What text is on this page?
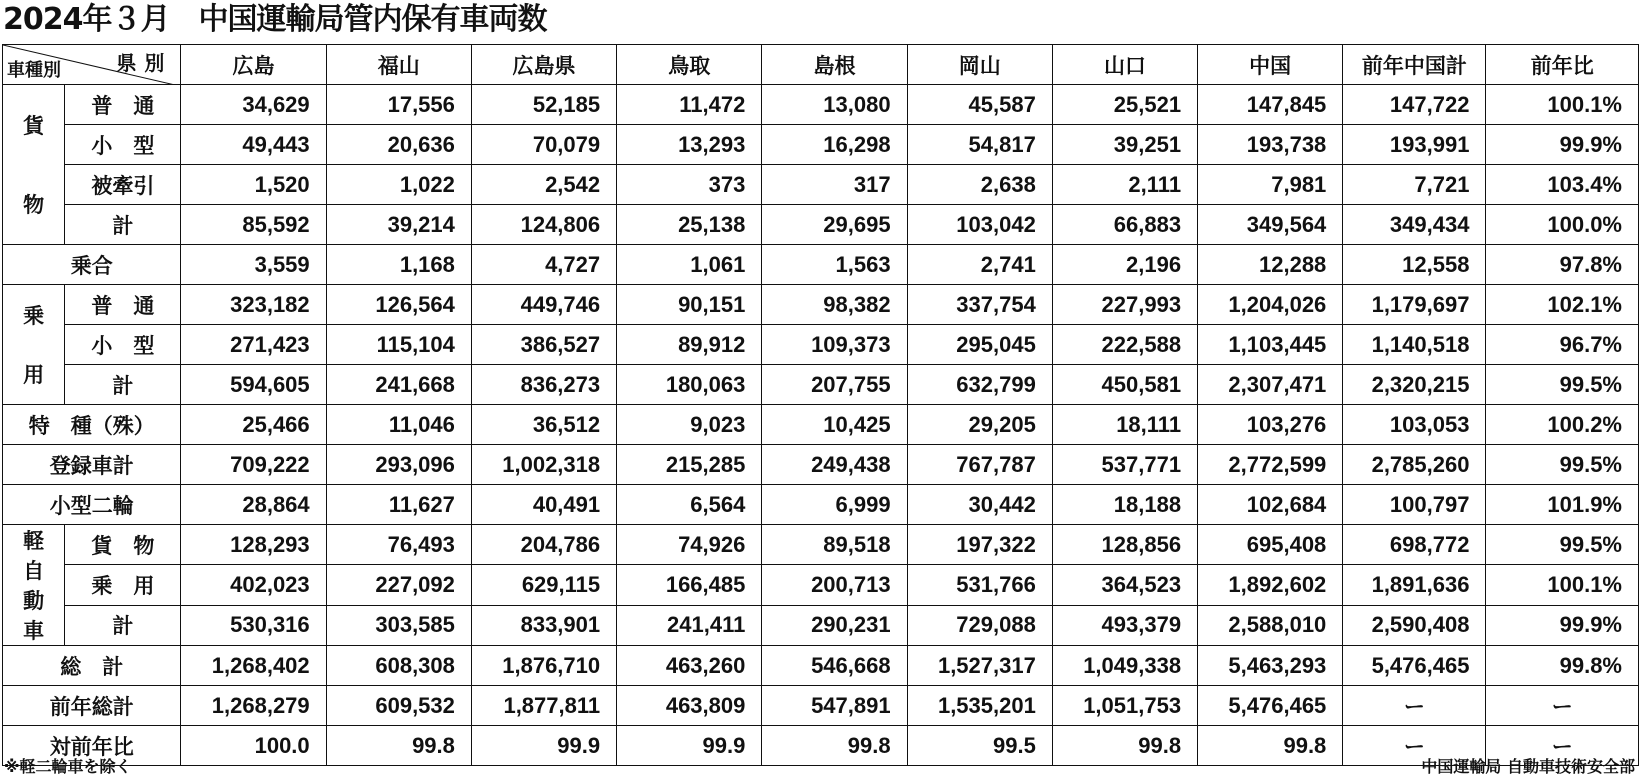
2024年３月　中国運輸局管内保有車両数
県別
車種別		広島	福山	広島県	鳥取	島根	岡山	山口	中国	前年中国計	前年比

貨
物	普　通	34,629	17,556	52,185	11,472	13,080	45,587	25,521	147,845	147,722	100.1%
	小　型	49,443	20,636	70,079	13,293	16,298	54,817	39,251	193,738	193,991	99.9%
	被牽引	1,520	1,022	2,542	373	317	2,638	2,111	7,981	7,721	103.4%
	計	85,592	39,214	124,806	25,138	29,695	103,042	66,883	349,564	349,434	100.0%
乗合		3,559	1,168	4,727	1,061	1,563	2,741	2,196	12,288	12,558	97.8%

乗
用	普　通	323,182	126,564	449,746	90,151	98,382	337,754	227,993	1,204,026	1,179,697	102.1%
	小　型	271,423	115,104	386,527	89,912	109,373	295,045	222,588	1,103,445	1,140,518	96.7%
	計	594,605	241,668	836,273	180,063	207,755	632,799	450,581	2,307,471	2,320,215	99.5%
特　種（殊）		25,466	11,046	36,512	9,023	10,425	29,205	18,111	103,276	103,053	100.2%
登録車計		709,222	293,096	1,002,318	215,285	249,438	767,787	537,771	2,772,599	2,785,260	99.5%
小型二輪		28,864	11,627	40,491	6,564	6,999	30,442	18,188	102,684	100,797	101.9%

軽
自
動
車	貨　物	128,293	76,493	204,786	74,926	89,518	197,322	128,856	695,408	698,772	99.5%
	乗　用	402,023	227,092	629,115	166,485	200,713	531,766	364,523	1,892,602	1,891,636	100.1%
	計	530,316	303,585	833,901	241,411	290,231	729,088	493,379	2,588,010	2,590,408	99.9%
総　計		1,268,402	608,308	1,876,710	463,260	546,668	1,527,317	1,049,338	5,463,293	5,476,465	99.8%
前年総計		1,268,279	609,532	1,877,811	463,809	547,891	1,535,201	1,051,753	5,476,465	ー	ー
対前年比		100.0	99.8	99.9	99.9	99.8	99.5	99.8	99.8	ー	ー
※軽二輪車を除く	中国運輸局 自動車技術安全部
